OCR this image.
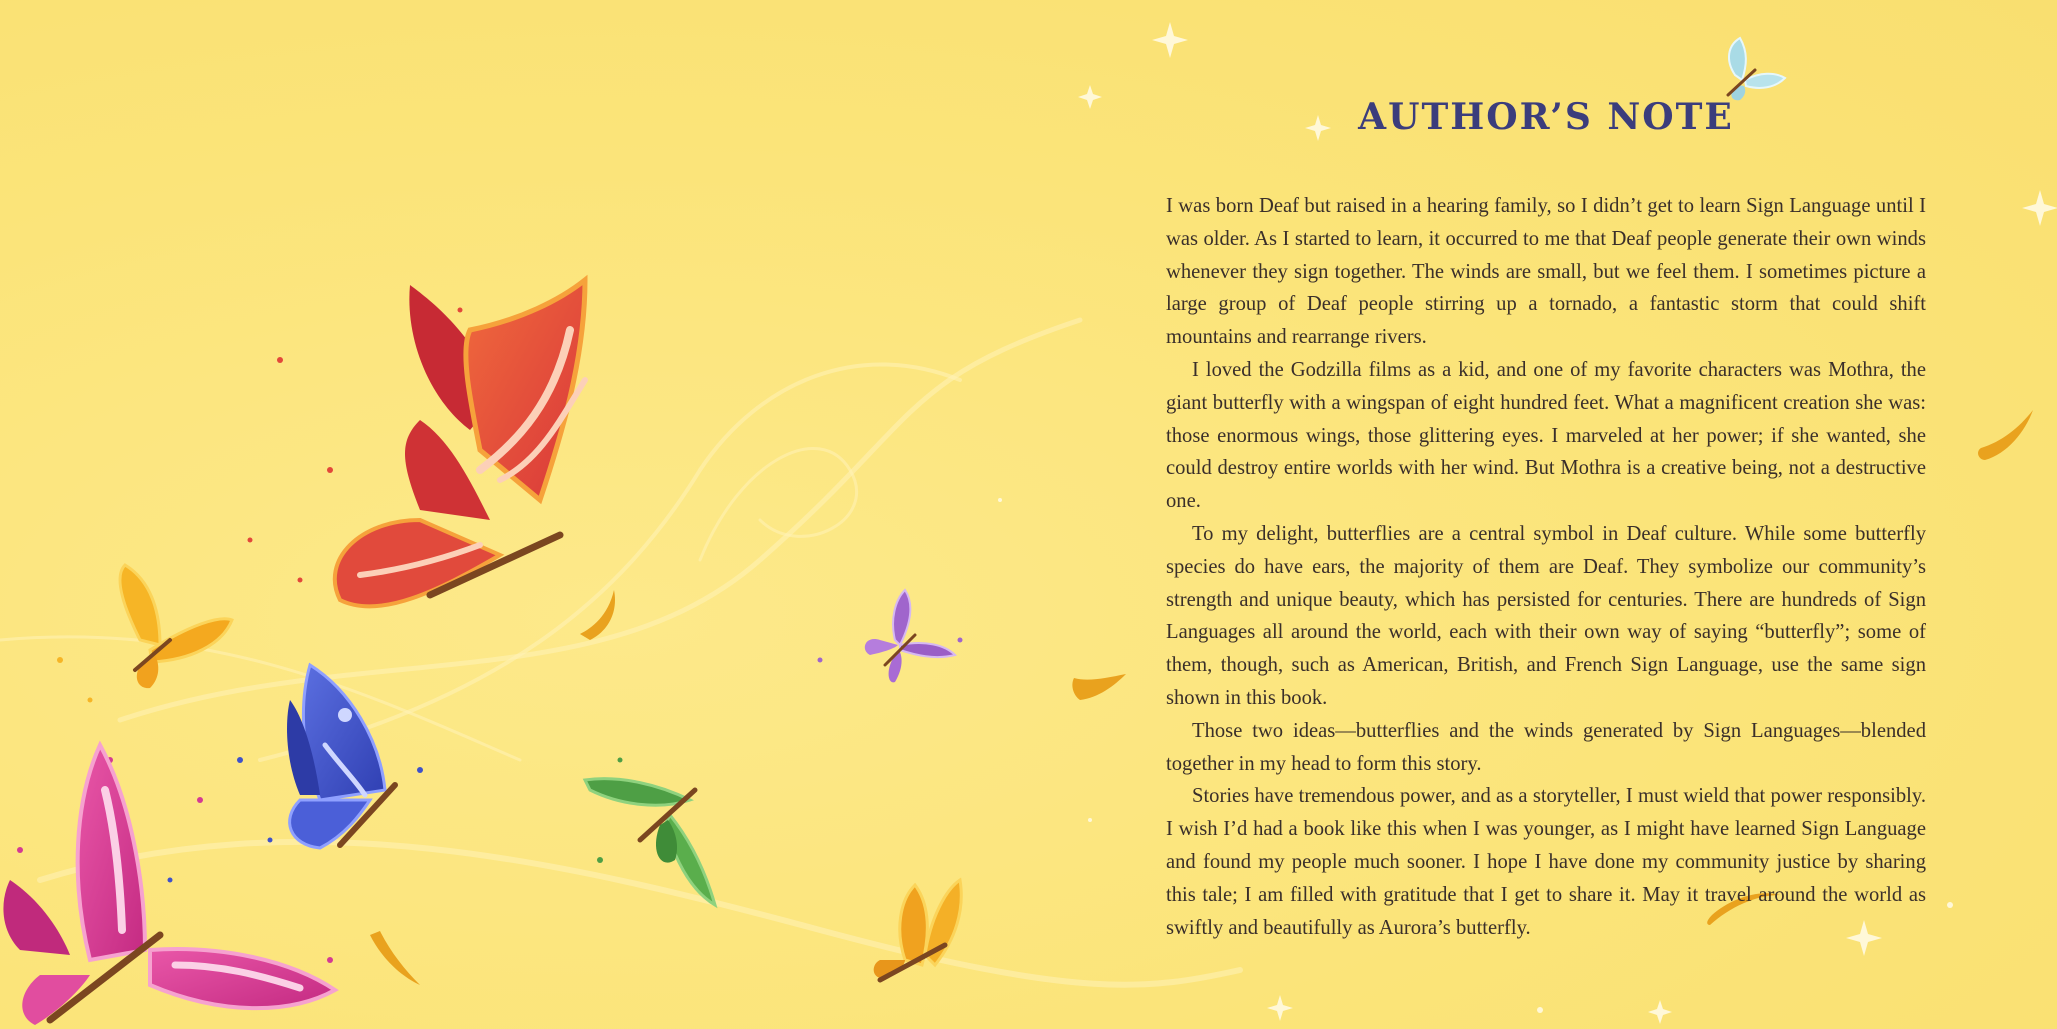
AUTHOR’S NOTE

I was born Deaf but raised in a hearing family, so I didn’t get to learn Sign Language until I was older. As I started to learn, it occurred to me that Deaf people generate their own winds whenever they sign together. The winds are small, but we feel them. I sometimes picture a large group of Deaf people stirring up a tornado, a fantastic storm that could shift mountains and rearrange rivers.

I loved the Godzilla films as a kid, and one of my favorite characters was Mothra, the giant butterfly with a wingspan of eight hundred feet. What a magnificent creation she was: those enormous wings, those glittering eyes. I marveled at her power; if she wanted, she could destroy entire worlds with her wind. But Mothra is a creative being, not a destructive one.

To my delight, butterflies are a central symbol in Deaf culture. While some butterfly species do have ears, the majority of them are Deaf. They symbolize our community’s strength and unique beauty, which has persisted for centuries. There are hundreds of Sign Languages all around the world, each with their own way of saying “butterfly”; some of them, though, such as American, British, and French Sign Language, use the same sign shown in this book.

Those two ideas—butterflies and the winds generated by Sign Languages—blended together in my head to form this story.

Stories have tremendous power, and as a storyteller, I must wield that power responsibly. I wish I’d had a book like this when I was younger, as I might have learned Sign Language and found my people much sooner. I hope I have done my community justice by sharing this tale; I am filled with gratitude that I get to share it. May it travel around the world as swiftly and beautifully as Aurora’s butterfly.
